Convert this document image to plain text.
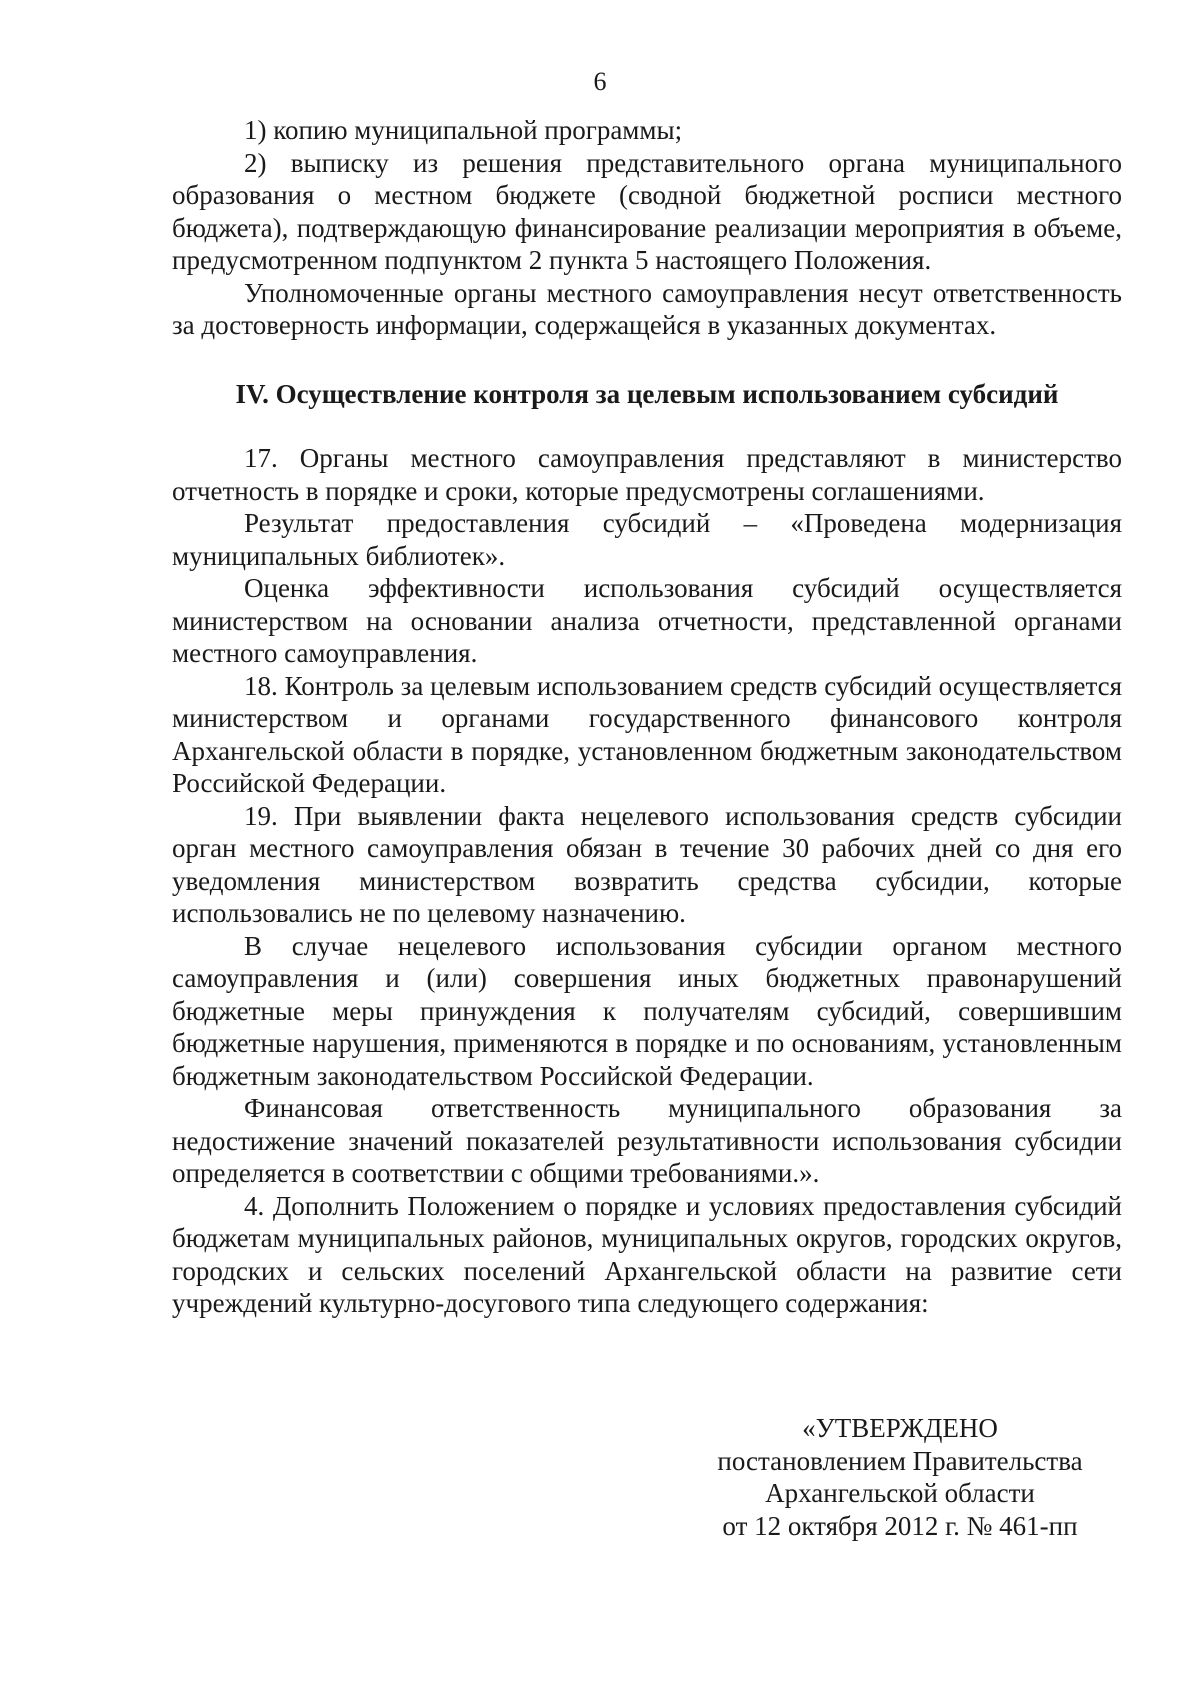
6

1) копию муниципальной программы;

2) выписку из решения представительного органа муниципального образования о местном бюджете (сводной бюджетной росписи местного бюджета), подтверждающую финансирование реализации мероприятия в объеме, предусмотренном подпунктом 2 пункта 5 настоящего Положения.

Уполномоченные органы местного самоуправления несут ответственность за достоверность информации, содержащейся в указанных документах.

IV. Осуществление контроля за целевым использованием субсидий

17. Органы местного самоуправления представляют в министерство отчетность в порядке и сроки, которые предусмотрены соглашениями.

Результат предоставления субсидий – «Проведена модернизация муниципальных библиотек».

Оценка эффективности использования субсидий осуществляется министерством на основании анализа отчетности, представленной органами местного самоуправления.

18. Контроль за целевым использованием средств субсидий осуществляется министерством и органами государственного финансового контроля Архангельской области в порядке, установленном бюджетным законодательством Российской Федерации.

19. При выявлении факта нецелевого использования средств субсидии орган местного самоуправления обязан в течение 30 рабочих дней со дня его уведомления министерством возвратить средства субсидии, которые использовались не по целевому назначению.

В случае нецелевого использования субсидии органом местного самоуправления и (или) совершения иных бюджетных правонарушений бюджетные меры принуждения к получателям субсидий, совершившим бюджетные нарушения, применяются в порядке и по основаниям, установленным бюджетным законодательством Российской Федерации.

Финансовая ответственность муниципального образования за недостижение значений показателей результативности использования субсидии определяется в соответствии с общими требованиями.».

4. Дополнить Положением о порядке и условиях предоставления субсидий бюджетам муниципальных районов, муниципальных округов, городских округов, городских и сельских поселений Архангельской области на развитие сети учреждений культурно-досугового типа следующего содержания:

«УТВЕРЖДЕНО
постановлением Правительства
Архангельской области
от 12 октября 2012 г. № 461-пп
